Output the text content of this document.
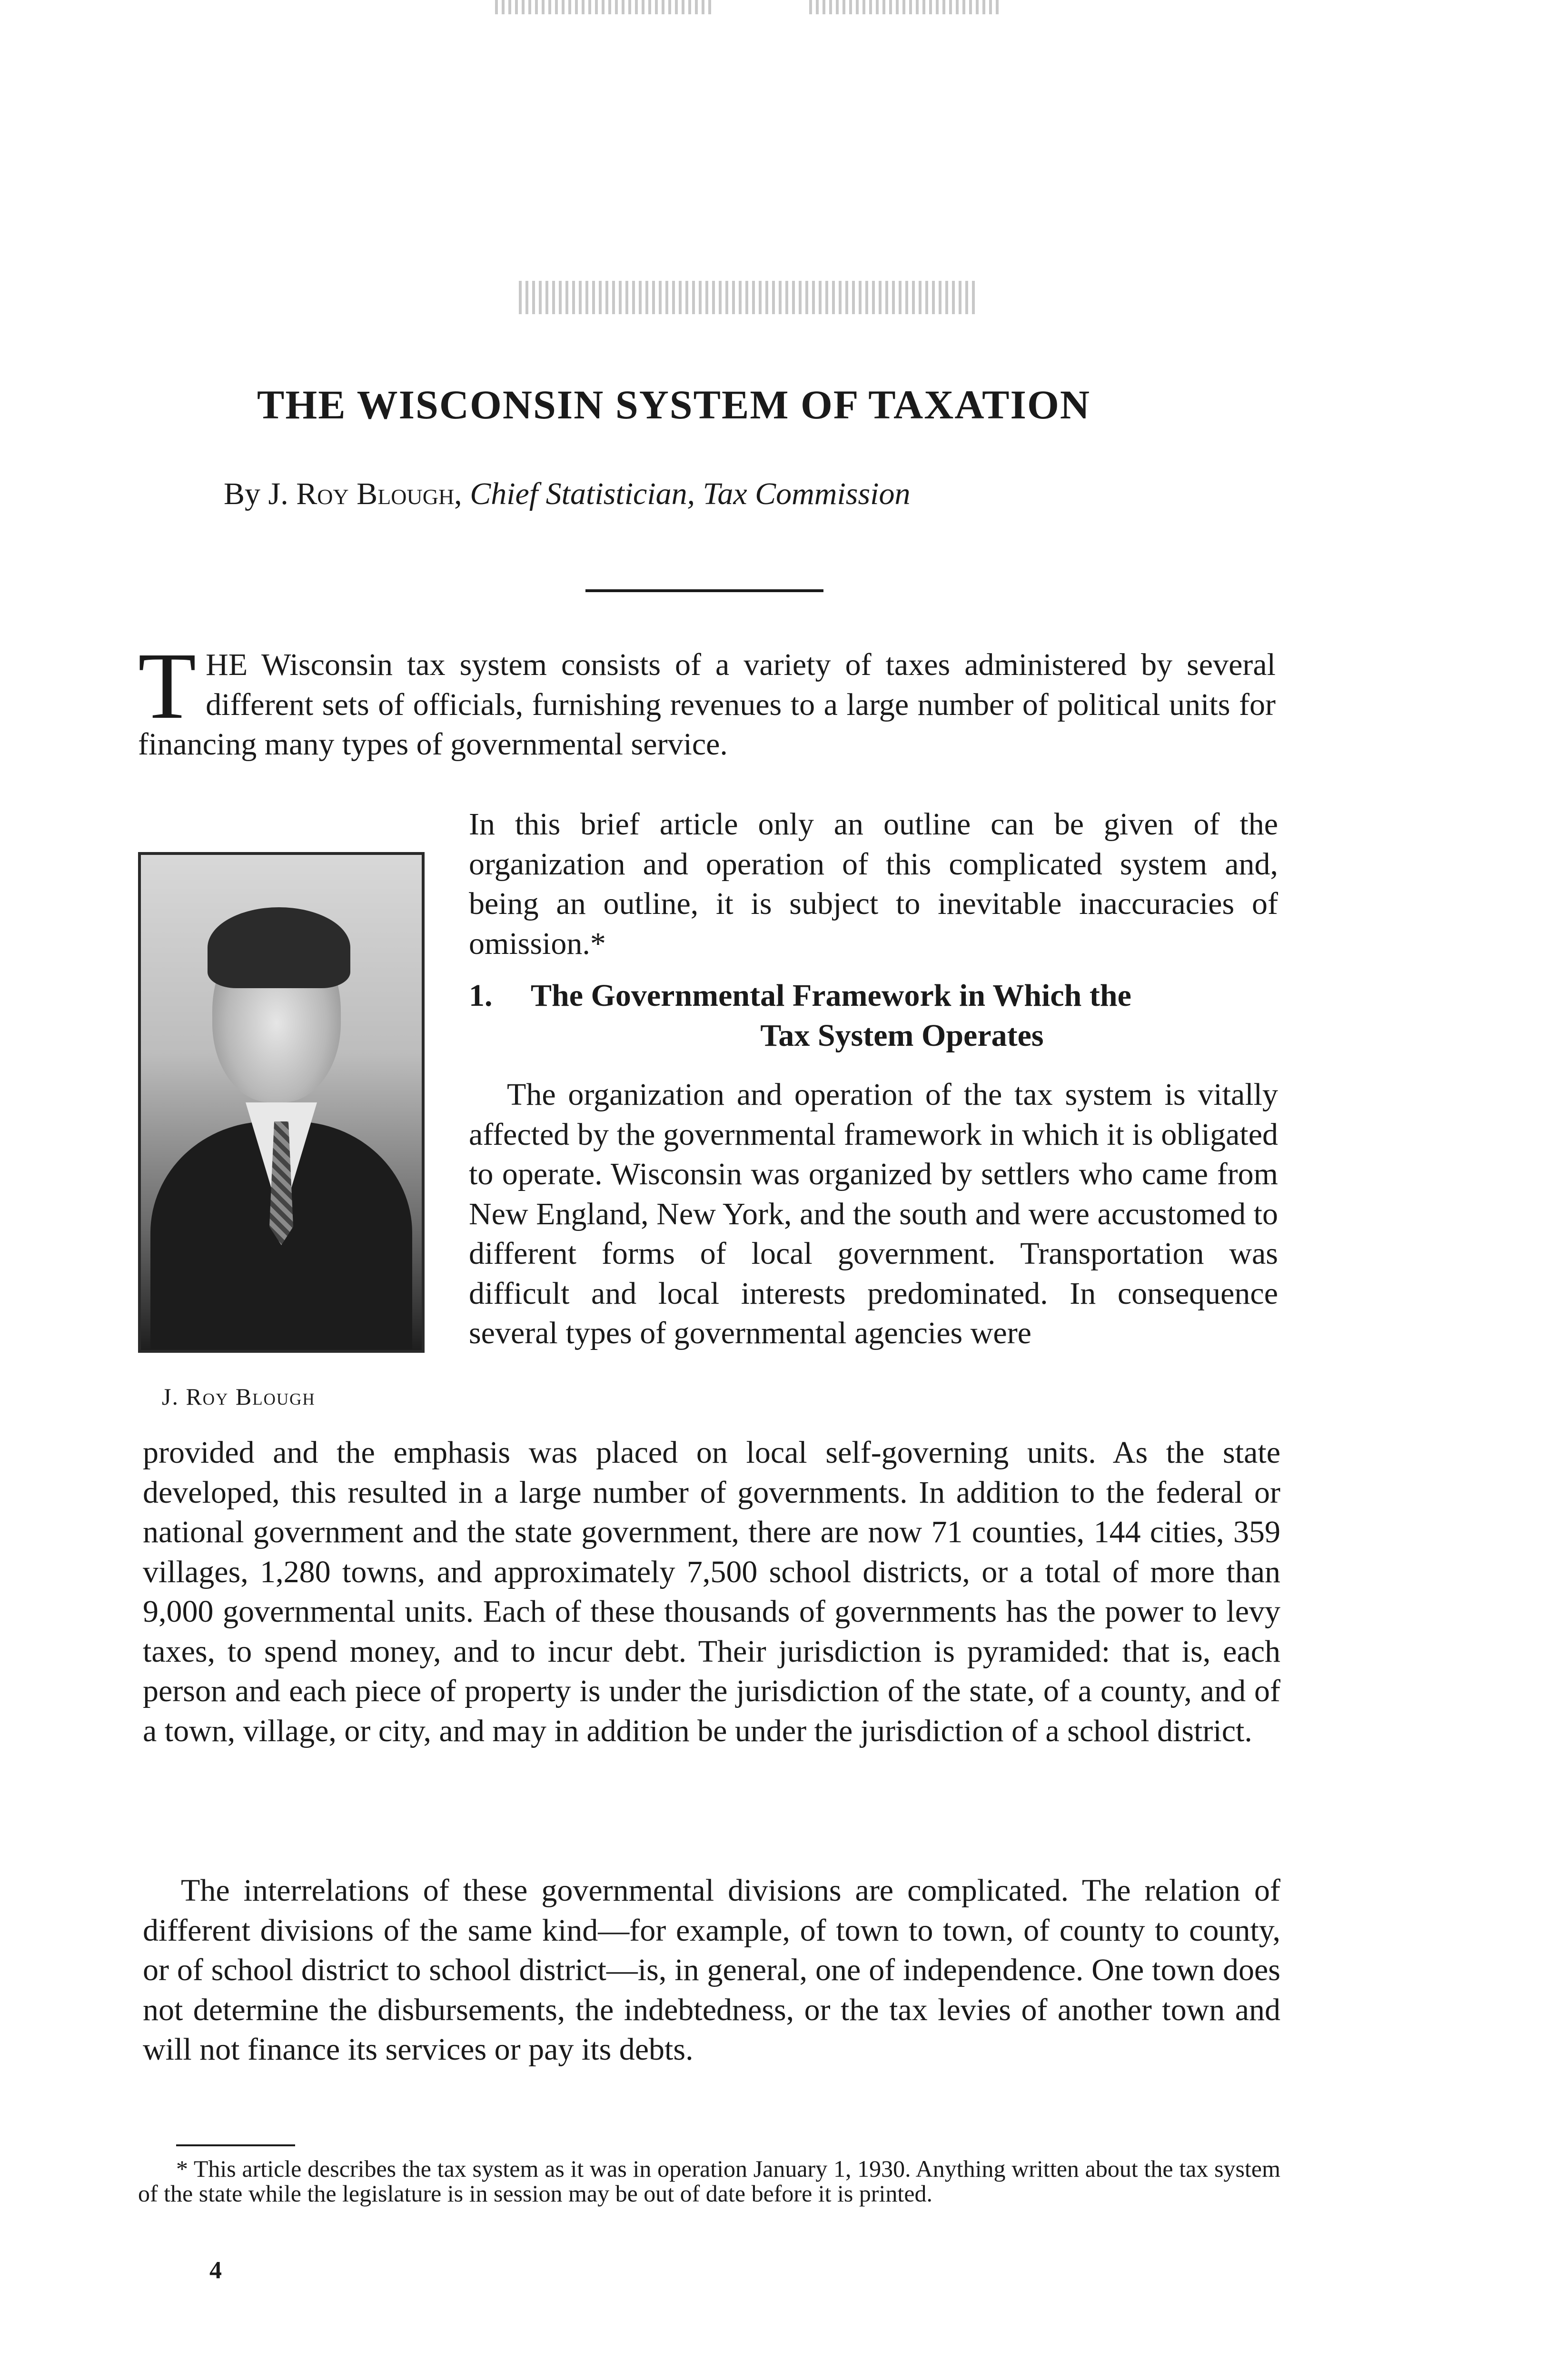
THE WISCONSIN SYSTEM OF TAXATION
By J. Roy Blough, Chief Statistician, Tax Commission
T HE Wisconsin tax system consists of a variety of taxes administered by several different sets of officials, furnishing revenues to a large number of political units for financing many types of governmental service.
In this brief article only an outline can be given of the organization and operation of this complicated system and, being an outline, it is subject to inevitable inaccuracies of omission.*
J. Roy Blough
1. The Governmental Framework in Which the
Tax System Operates
The organization and operation of the tax system is vitally affected by the governmental framework in which it is obligated to operate. Wisconsin was organized by settlers who came from New England, New York, and the south and were accustomed to different forms of local government. Transportation was difficult and local interests predominated. In consequence several types of governmental agencies were
provided and the emphasis was placed on local self-governing units. As the state developed, this resulted in a large number of governments. In addition to the federal or national government and the state government, there are now 71 counties, 144 cities, 359 villages, 1,280 towns, and approximately 7,500 school districts, or a total of more than 9,000 governmental units. Each of these thousands of governments has the power to levy taxes, to spend money, and to incur debt. Their jurisdiction is pyramided: that is, each person and each piece of property is under the jurisdiction of the state, of a county, and of a town, village, or city, and may in addition be under the jurisdiction of a school district.
The interrelations of these governmental divisions are complicated. The relation of different divisions of the same kind—for example, of town to town, of county to county, or of school district to school district—is, in general, one of independence. One town does not determine the disbursements, the indebtedness, or the tax levies of another town and will not finance its services or pay its debts.
* This article describes the tax system as it was in operation January 1, 1930. Anything written about the tax system of the state while the legislature is in session may be out of date before it is printed.
4
